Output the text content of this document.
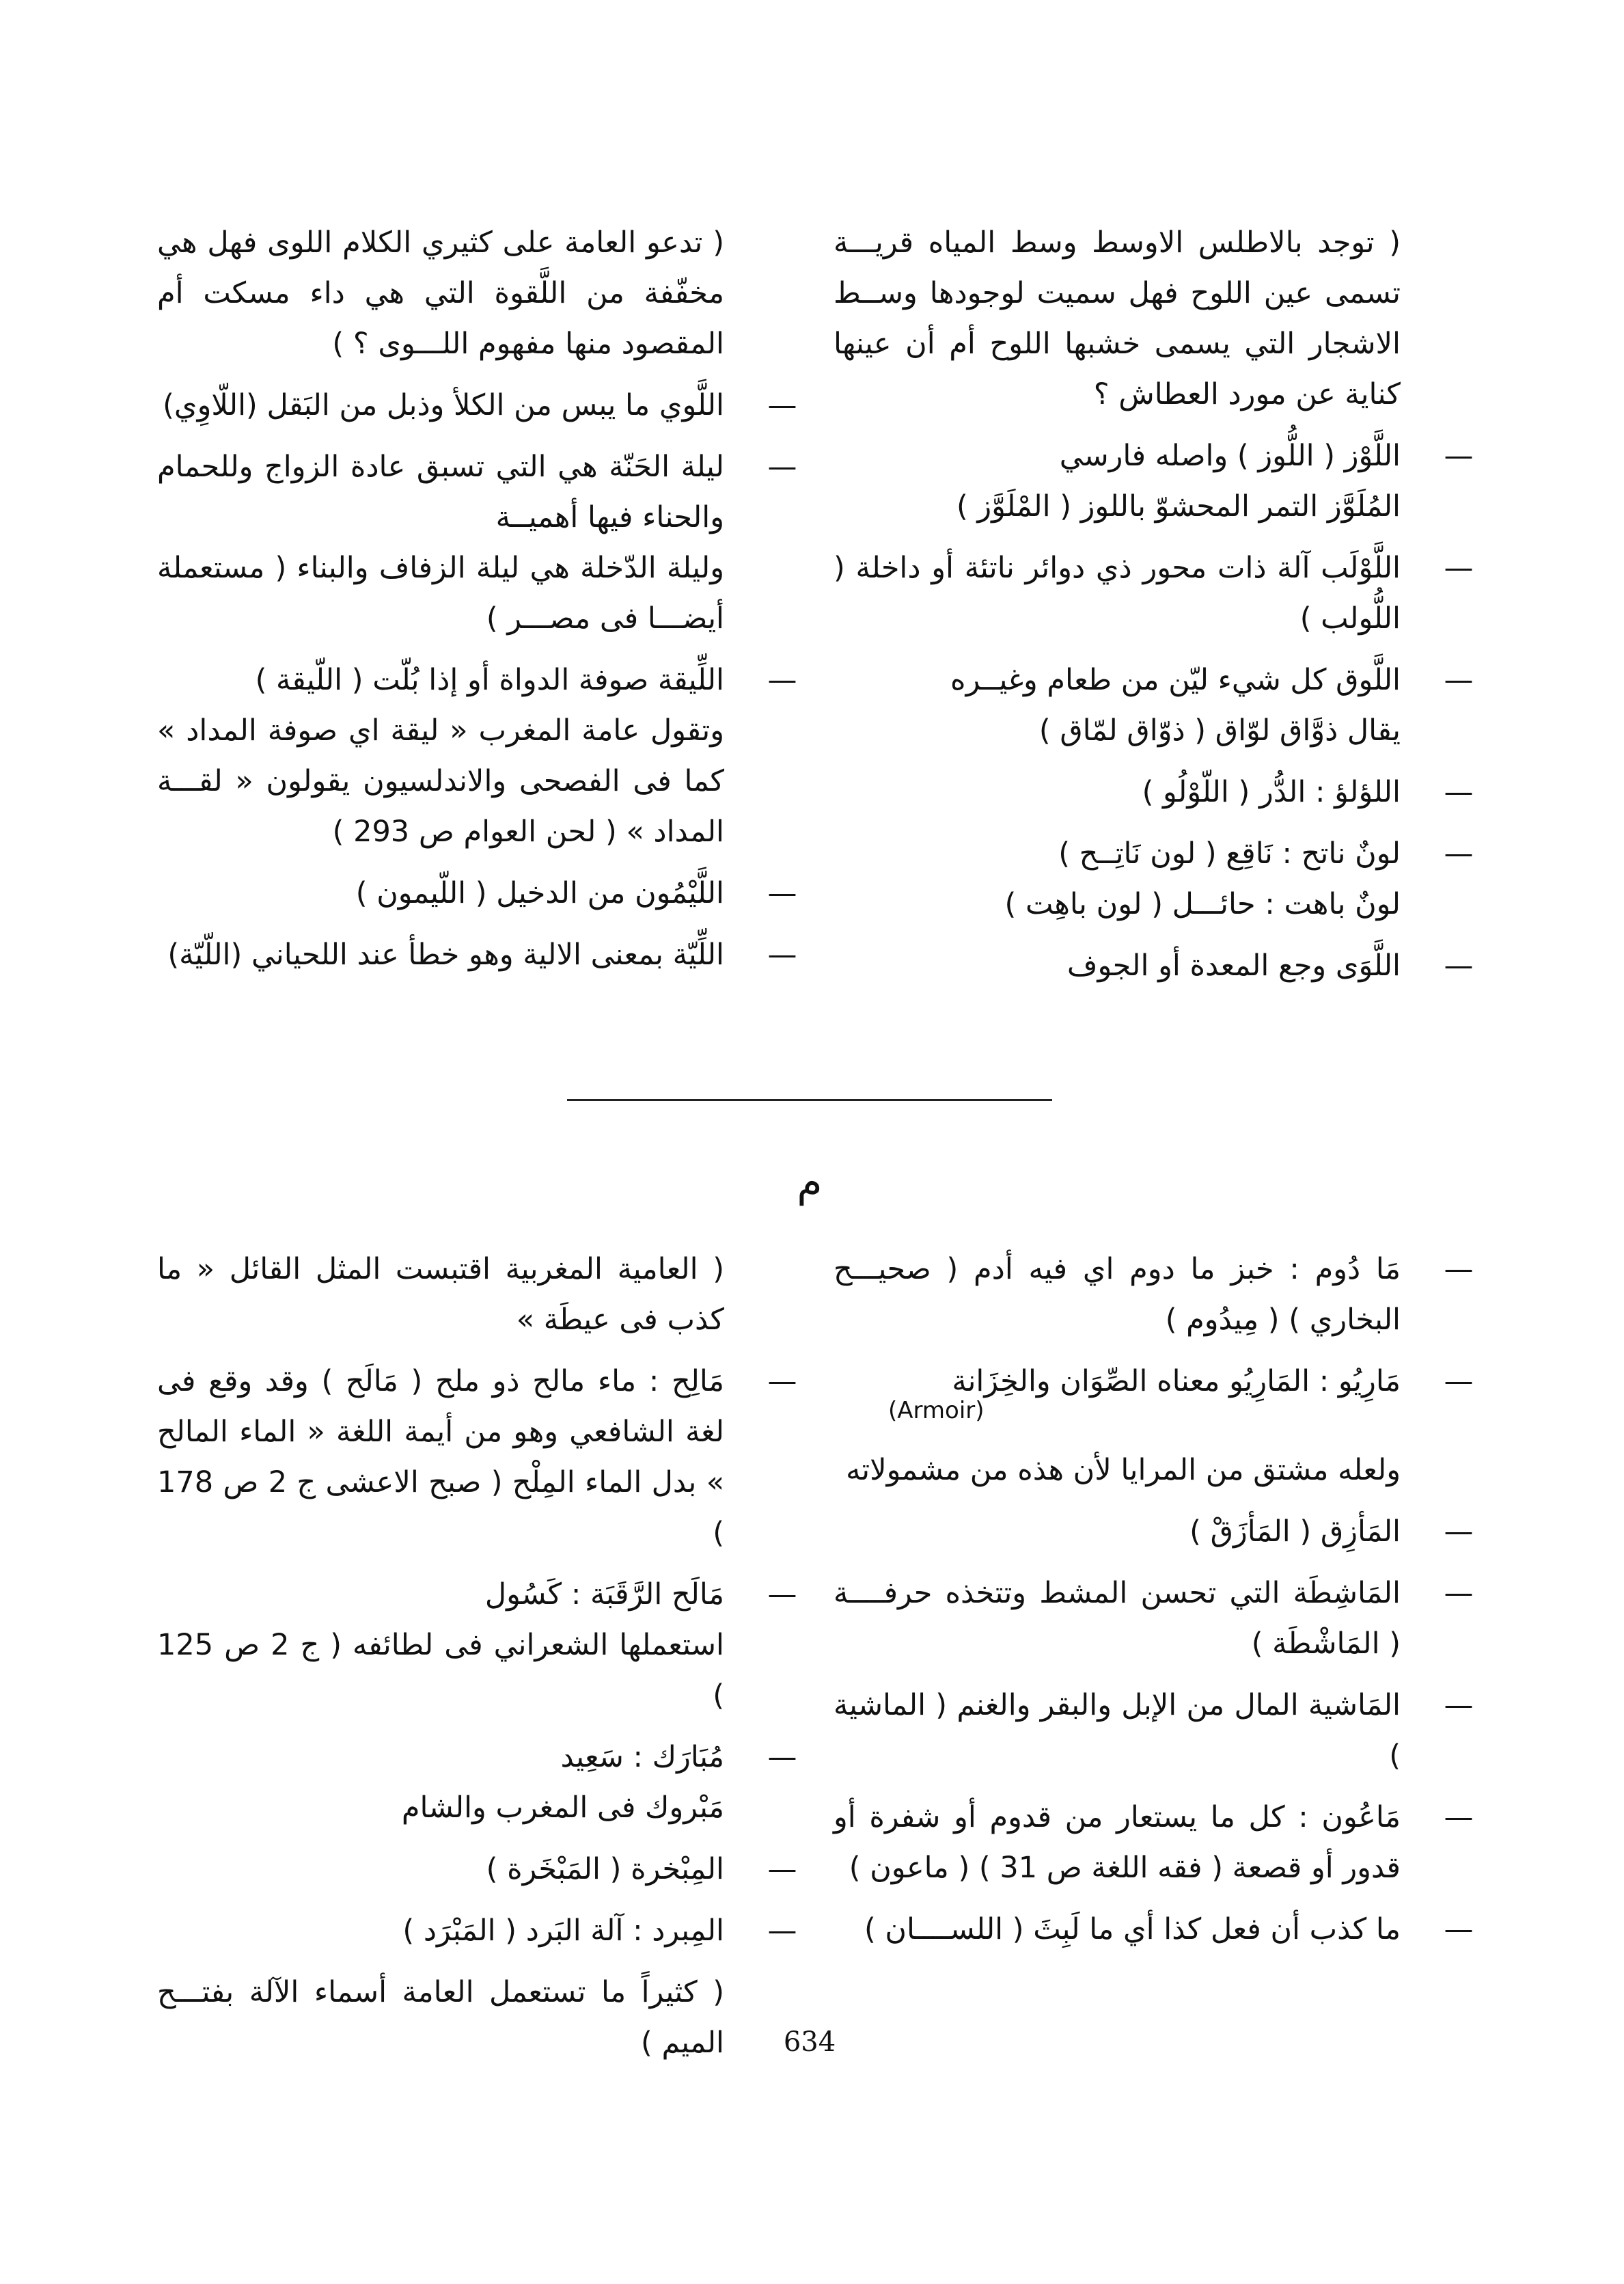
( توجد بالاطلس الاوسط وسط المياه قريـــة تسمى عين اللوح فهل سميت لوجودها وســط الاشجار التي يسمى خشبها اللوح أم أن عينها كناية عن مورد العطاش ؟
—
اللَّوْز ( اللُّوز ) واصله فارسي
المُلَوَّز التمر المحشوّ باللوز ( المْلَوَّز )
—
اللَّوْلَب آلة ذات محور ذي دوائر ناتئة أو داخلة ( اللُّولب )
—
اللَّوق كل شيء ليّن من طعام وغيــره
يقال ذوَّاق لوّاق ( ذوّاق لمّاق )
—
اللؤلؤ : الدُّر ( اللّوْلُو )
—
لونٌ ناتح : نَاقِع ( لون نَاتِــح )
لونٌ باهت : حائـــل ( لون باهِت )
—
اللَّوَى وجع المعدة أو الجوف
( تدعو العامة على كثيري الكلام اللوى فهل هي مخفّفة من اللَّقوة التي هي داء مسكت أم المقصود منها مفهوم اللـــوى ؟ )
—
اللَّوي ما يبس من الكلأ وذبل من البَقل (اللّاوِي)
—
ليلة الحَنّة هي التي تسبق عادة الزواج وللحمام والحناء فيها أهميــة
وليلة الدّخلة هي ليلة الزفاف والبناء ( مستعملة أيضـــا فى مصـــر )
—
اللِّيقة صوفة الدواة أو إذا بُلّت ( اللّيقة )
وتقول عامة المغرب « ليقة اي صوفة المداد » كما فى الفصحى والاندلسيون يقولون « لقـــة المداد » ( لحن العوام ص 293 )
—
اللَّيْمُون من الدخيل ( اللّيمون )
—
اللِّيّة بمعنى الالية وهو خطأ عند اللحياني (اللّيّة)
م
—
مَا دُوم : خبز ما دوم اي فيه أدم ( صحيـــح البخاري ) ( مِيدُوم )
—
مَارِيُو : المَارِيُو معناه الصِّوَان والخِزَانة
(Armoir)
ولعله مشتق من المرايا لأن هذه من مشمولاته
—
المَأزِق ( المَأزَقْ )
—
المَاشِطَة التي تحسن المشط وتتخذه حرفــــة ( المَاشْطَة )
—
المَاشية المال من الإبل والبقر والغنم ( الماشية )
—
مَاعُون : كل ما يستعار من قدوم أو شفرة أو قدور أو قصعة ( فقه اللغة ص 31 ) ( ماعون )
—
ما كذب أن فعل كذا أي ما لَبِثَ ( اللســــان )
( العامية المغربية اقتبست المثل القائل « ما كذب فى عيطَة »
—
مَالِح : ماء مالح ذو ملح ( مَالَح ) وقد وقع فى لغة الشافعي وهو من أيمة اللغة « الماء المالح » بدل الماء المِلْح ( صبح الاعشى ج 2 ص 178 )
—
مَالَح الرَّقَبَة : كَسُول
استعملها الشعراني فى لطائفه ( ج 2 ص 125 )
—
مُبَارَك : سَعِيد
مَبْروك فى المغرب والشام
—
المِبْخرة ( المَبْخَرة )
—
المِبرد : آلة البَرد ( المَبْرَد )
( كثيراً ما تستعمل العامة أسماء الآلة بفتـــح الميم )	634
